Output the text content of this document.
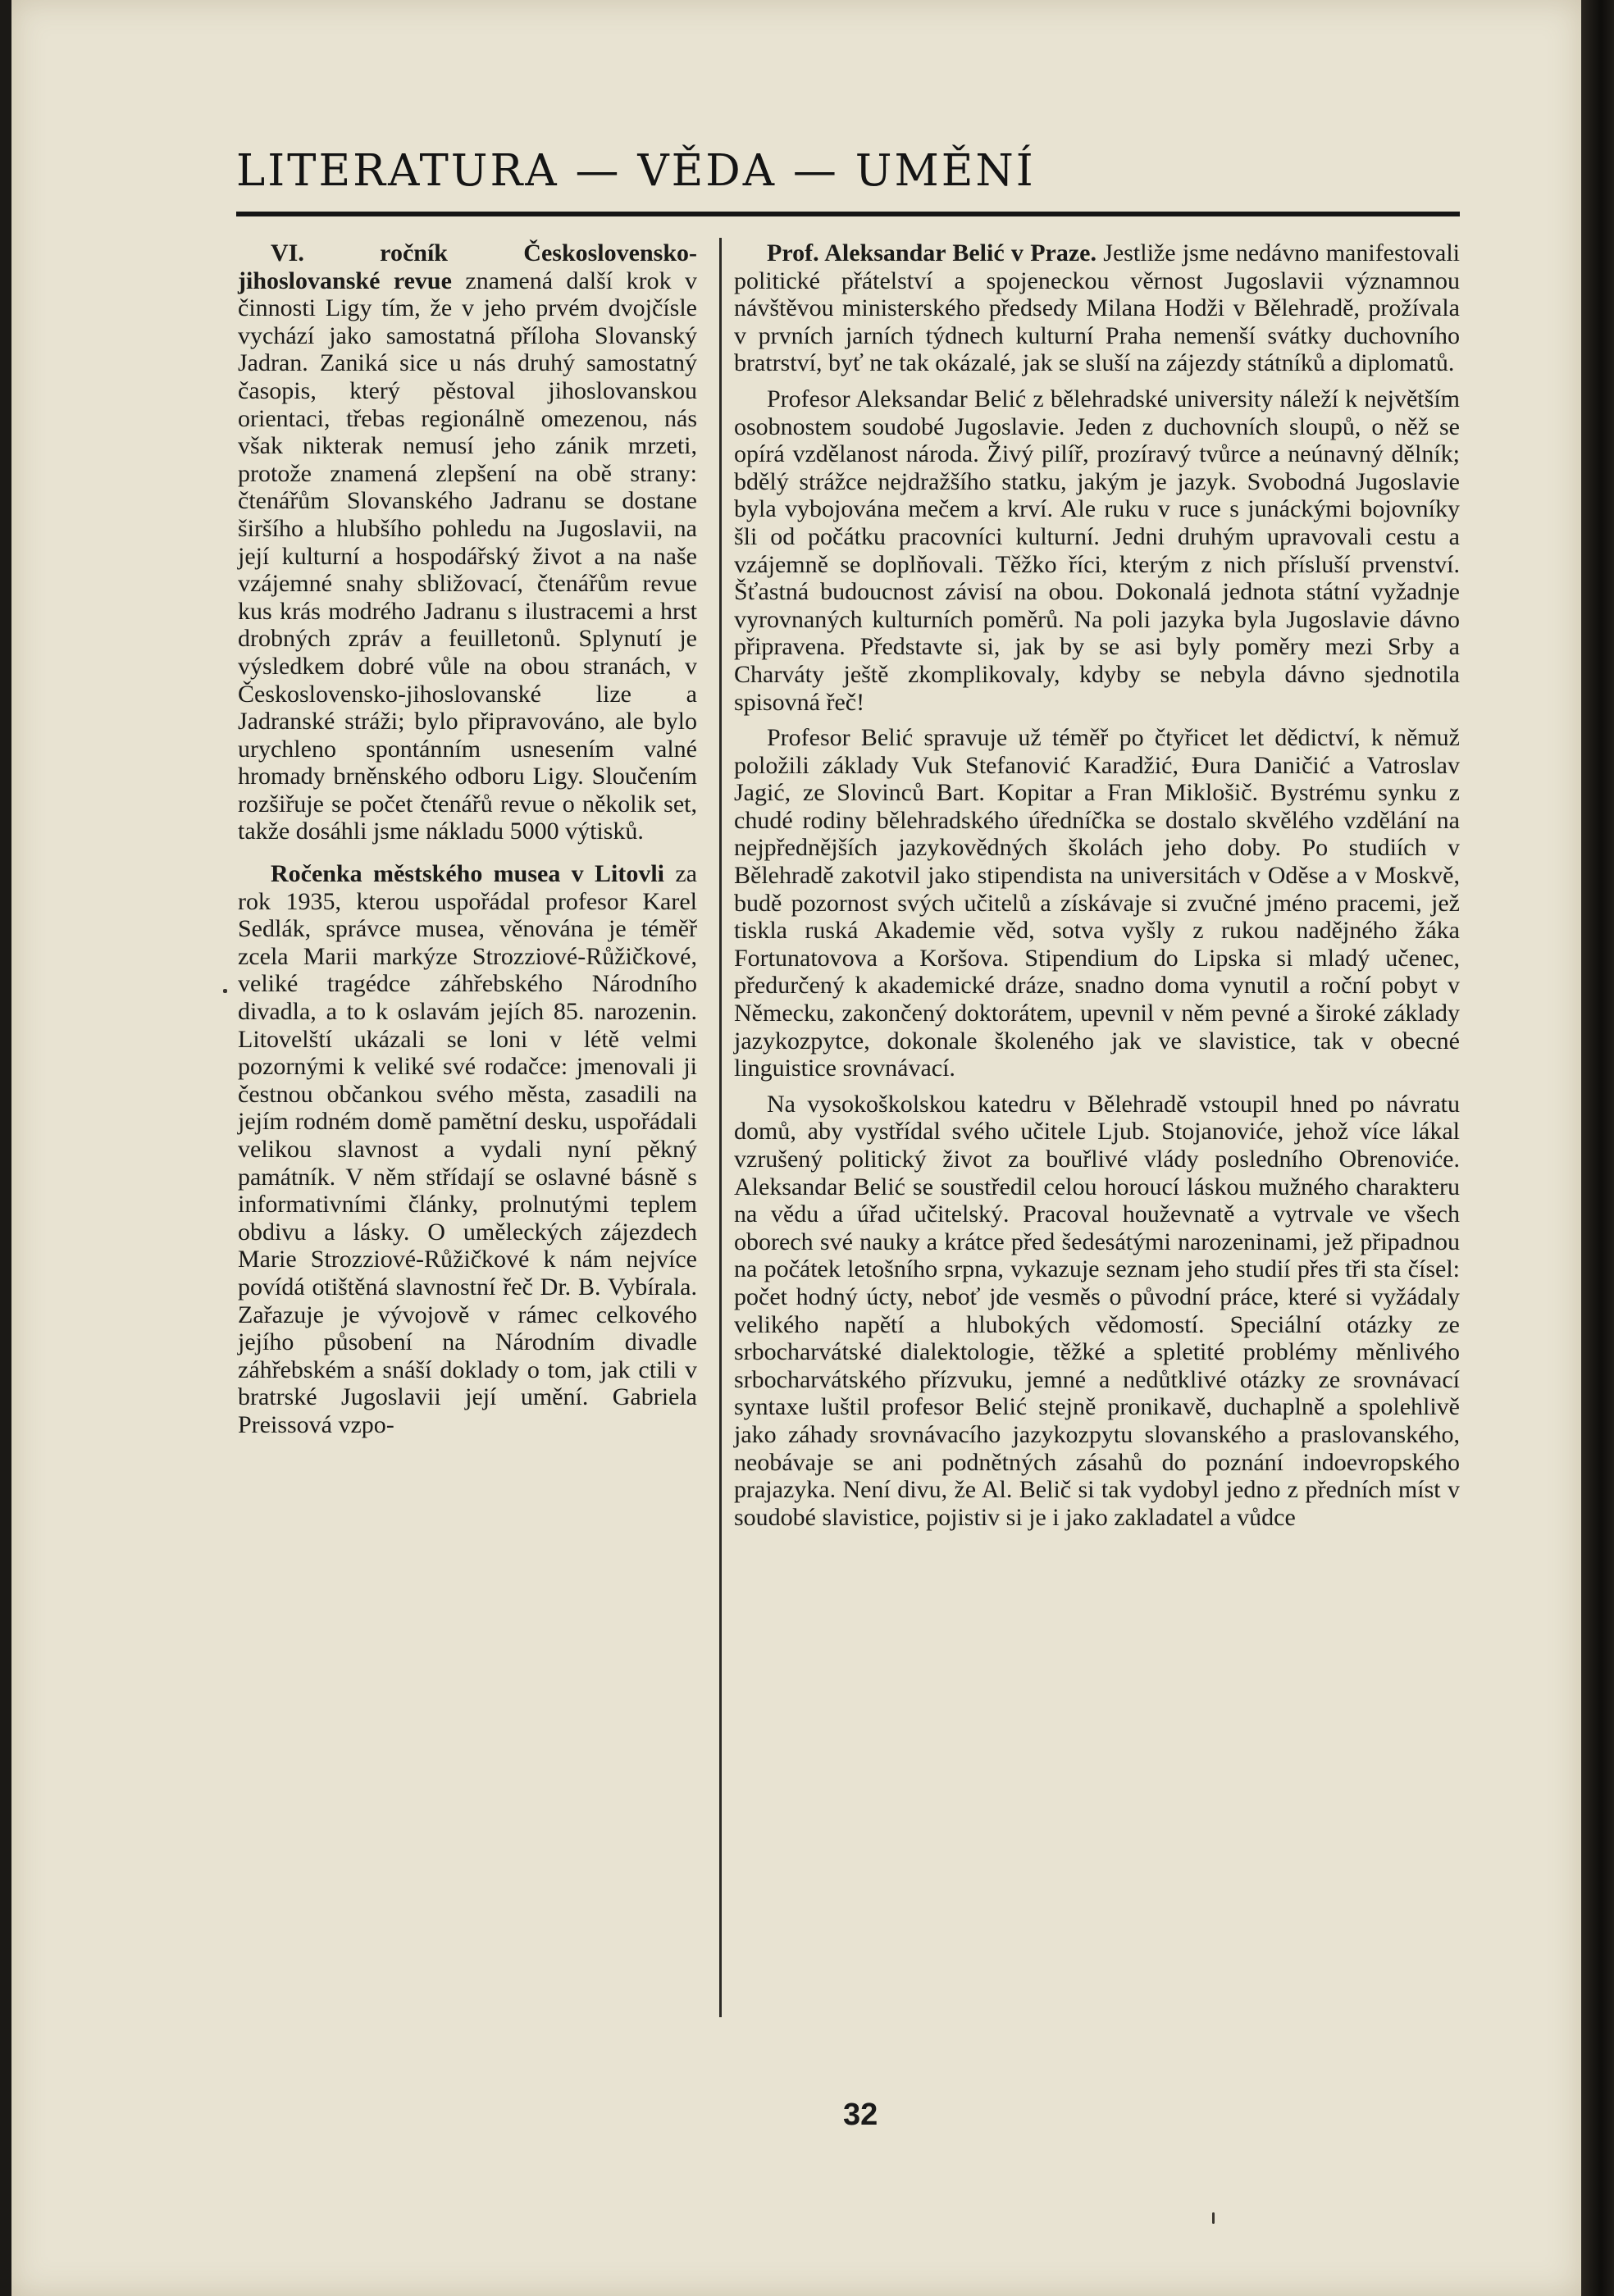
LITERATURA — VĚDA — UMĚNÍ

VI. ročník Československo-jihoslovanské revue znamená další krok v činnosti Ligy tím, že v jeho prvém dvojčísle vychází jako samostatná příloha Slovanský Jadran. Zaniká sice u nás druhý samostatný časopis, který pěstoval jihoslovanskou orientaci, třebas regionálně omezenou, nás však nikterak nemusí jeho zánik mrzeti, protože znamená zlepšení na obě strany: čtenářům Slovanského Jadranu se dostane širšího a hlubšího pohledu na Jugoslavii, na její kulturní a hospodářský život a na naše vzájemné snahy sbližovací, čtenářům revue kus krás modrého Jadranu s ilustracemi a hrst drobných zpráv a feuilletonů. Splynutí je výsledkem dobré vůle na obou stranách, v Československo-jihoslovanské lize a Jadranské stráži; bylo připravováno, ale bylo urychleno spontánním usnesením valné hromady brněnského odboru Ligy. Sloučením rozšiřuje se počet čtenářů revue o několik set, takže dosáhli jsme nákladu 5000 výtisků.

Ročenka městského musea v Litovli za rok 1935, kterou uspořádal profesor Karel Sedlák, správce musea, věnována je téměř zcela Marii markýze Strozziové-Růžičkové, veliké tragédce záhřebského Národního divadla, a to k oslavám jejích 85. narozenin. Litovelští ukázali se loni v létě velmi pozornými k veliké své rodačce: jmenovali ji čestnou občankou svého města, zasadili na jejím rodném domě pamětní desku, uspořádali velikou slavnost a vydali nyní pěkný památník. V něm střídají se oslavné básně s informativními články, prolnutými teplem obdivu a lásky. O uměleckých zájezdech Marie Strozziové-Růžičkové k nám nejvíce povídá otištěná slavnostní řeč Dr. B. Vybírala. Zařazuje je vývojově v rámec celkového jejího působení na Národním divadle záhřebském a snáší doklady o tom, jak ctili v bratrské Jugoslavii její umění. Gabriela Preissová vzpo-

Prof. Aleksandar Belić v Praze. Jestliže jsme nedávno manifestovali politické přátelství a spojeneckou věrnost Jugoslavii významnou návštěvou ministerského předsedy Milana Hodži v Bělehradě, prožívala v prvních jarních týdnech kulturní Praha nemenší svátky duchovního bratrství, byť ne tak okázalé, jak se sluší na zájezdy státníků a diplomatů.

Profesor Aleksandar Belić z bělehradské university náleží k největším osobnostem soudobé Jugoslavie. Jeden z duchovních sloupů, o něž se opírá vzdělanost národa. Živý pilíř, prozíravý tvůrce a neúnavný dělník; bdělý strážce nejdražšího statku, jakým je jazyk. Svobodná Jugoslavie byla vybojována mečem a krví. Ale ruku v ruce s junáckými bojovníky šli od počátku pracovníci kulturní. Jedni druhým upravovali cestu a vzájemně se doplňovali. Těžko říci, kterým z nich přísluší prvenství. Šťastná budoucnost závisí na obou. Dokonalá jednota státní vyžadnje vyrovnaných kulturních poměrů. Na poli jazyka byla Jugoslavie dávno připravena. Představte si, jak by se asi byly poměry mezi Srby a Charváty ještě zkomplikovaly, kdyby se nebyla dávno sjednotila spisovná řeč!

Profesor Belić spravuje už téměř po čtyřicet let dědictví, k němuž položili základy Vuk Stefanović Karadžić, Đura Daničić a Vatroslav Jagić, ze Slovinců Bart. Kopitar a Fran Miklošič. Bystrému synku z chudé rodiny bělehradského úředníčka se dostalo skvělého vzdělání na nejpřednějších jazykovědných školách jeho doby. Po studiích v Bělehradě zakotvil jako stipendista na universitách v Oděse a v Moskvě, budě pozornost svých učitelů a získávaje si zvučné jméno pracemi, jež tiskla ruská Akademie věd, sotva vyšly z rukou nadějného žáka Fortunatovova a Koršova. Stipendium do Lipska si mladý učenec, předurčený k akademické dráze, snadno doma vynutil a roční pobyt v Německu, zakončený doktorátem, upevnil v něm pevné a široké základy jazykozpytce, dokonale školeného jak ve slavistice, tak v obecné linguistice srovnávací.

Na vysokoškolskou katedru v Bělehradě vstoupil hned po návratu domů, aby vystřídal svého učitele Ljub. Stojanoviće, jehož více lákal vzrušený politický život za bouřlivé vlády posledního Obrenoviće. Aleksandar Belić se soustředil celou horoucí láskou mužného charakteru na vědu a úřad učitelský. Pracoval houževnatě a vytrvale ve všech oborech své nauky a krátce před šedesátými narozeninami, jež připadnou na počátek letošního srpna, vykazuje seznam jeho studií přes tři sta čísel: počet hodný úcty, neboť jde vesměs o původní práce, které si vyžádaly velikého napětí a hlubokých vědomostí. Speciální otázky ze srbocharvátské dialektologie, těžké a spletité problémy měnlivého srbocharvátského přízvuku, jemné a nedůtklivé otázky ze srovnávací syntaxe luštil profesor Belić stejně pronikavě, duchaplně a spolehlivě jako záhady srovnávacího jazykozpytu slovanského a praslovanského, neobávaje se ani podnětných zásahů do poznání indoevropského prajazyka. Není divu, že Al. Belič si tak vydobyl jedno z předních míst v soudobé slavistice, pojistiv si je i jako zakladatel a vůdce

32
